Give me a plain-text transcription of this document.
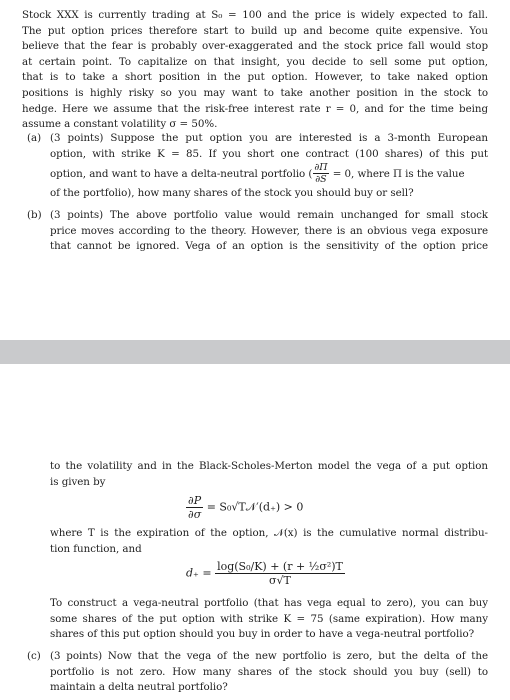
Stock XXX is currently trading at S₀ = 100 and the price is widely expected to fall.
The put option prices therefore start to build up and become quite expensive. You
believe that the fear is probably over-exaggerated and the stock price fall would stop
at certain point. To capitalize on that insight, you decide to sell some put option,
that is to take a short position in the put option. However, to take naked option
positions is highly risky so you may want to take another position in the stock to
hedge. Here we assume that the risk-free interest rate r = 0, and for the time being
assume a constant volatility σ = 50%.
(a) (3 points) Suppose the put option you are interested is a 3-month European
option, with strike K = 85. If you short one contract (100 shares) of this put
option, and want to have a delta-neutral portfolio ( $\frac{\partial\Pi}{\partial S} = 0$, where Π is the value
of the portfolio), how many shares of the stock you should buy or sell?
(b) (3 points) The above portfolio value would remain unchanged for small stock
price moves according to the theory. However, there is an obvious vega exposure
that cannot be ignored. Vega of an option is the sensitivity of the option price
to the volatility and in the Black-Scholes-Merton model the vega of a put option
is given by
$\frac{\partial P}{\partial\sigma}$ = S₀√T𝒩′(d₊) > 0
where T is the expiration of the option, 𝒩(x) is the cumulative normal distribu-
tion function, and
$d_+ = \frac{\text{log(S₀/K) + (r + ½σ²)T}}{\sigma√T}$
To construct a vega-neutral portfolio (that has vega equal to zero), you can buy
some shares of the put option with strike K = 75 (same expiration). How many
shares of this put option should you buy in order to have a vega-neutral portfolio?
(c) (3 points) Now that the vega of the new portfolio is zero, but the delta of the
portfolio is not zero. How many shares of the stock should you buy (sell) to
maintain a delta neutral portfolio?
